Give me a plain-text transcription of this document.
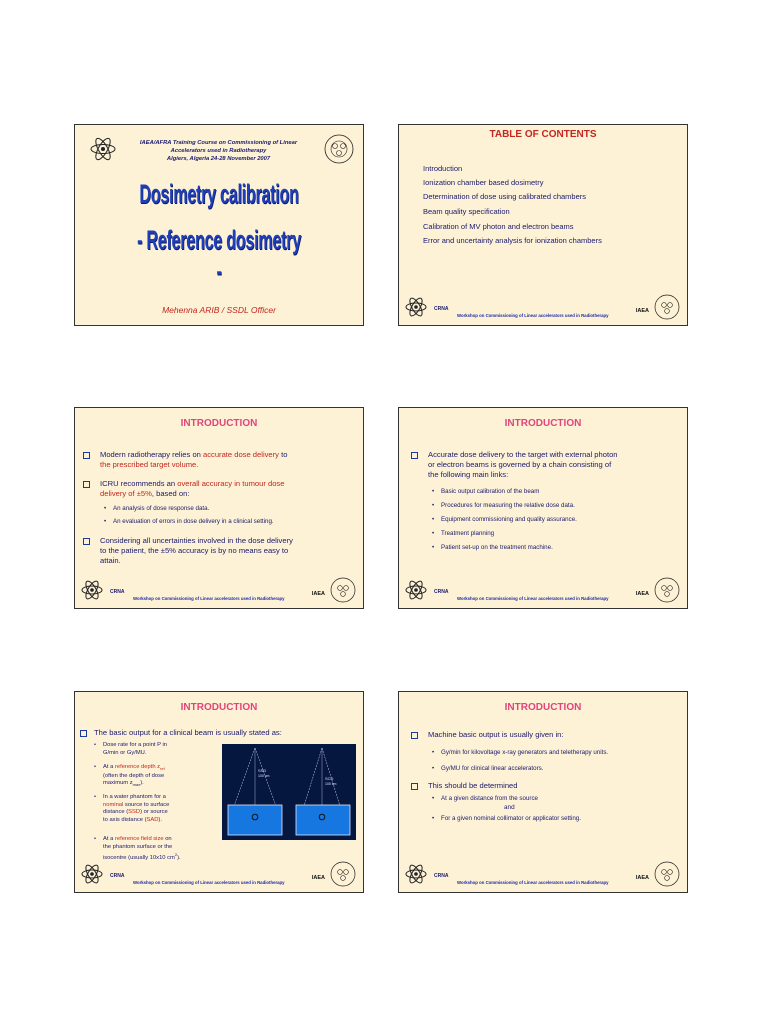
IAEA/AFRA Training Course on Commissioning of Linear
Accelerators used in Radiotherapy
Algiers, Algeria 24-28 November 2007
Dosimetry calibration
- Reference dosimetry -
Mehenna ARIB / SSDL Officer
TABLE OF CONTENTS
Introduction
Ionization chamber based dosimetry
Determination of dose using calibrated chambers
Beam quality specification
Calibration of MV photon and electron beams
Error and uncertainty analysis for ionization chambers
CRNA
Workshop on Commissioning of Linear accelerators used in Radiotherapy
IAEA
INTRODUCTION
Modern radiotherapy relies on accurate dose delivery to
the prescribed target volume.
ICRU recommends an overall accuracy in tumour dose
delivery of ±5%, based on:
• An analysis of dose response data.
• An evaluation of errors in dose delivery in a clinical setting.
Considering all uncertainties involved in the dose delivery
to the patient, the ±5% accuracy is by no means easy to
attain.
CRNA
Workshop on Commissioning of Linear accelerators used in Radiotherapy
IAEA
INTRODUCTION
Accurate dose delivery to the target with external photon
or electron beams is governed by a chain consisting of
the following main links:
• Basic output calibration of the beam
• Procedures for measuring the relative dose data.
• Equipment commissioning and quality assurance.
• Treatment planning
• Patient set-up on the treatment machine.
CRNA
Workshop on Commissioning of Linear accelerators used in Radiotherapy
IAEA
INTRODUCTION
The basic output for a clinical beam is usually stated as:
• Dose rate for a point P in
G/min or Gy/MU.
• At a reference depth $z_{ref}$
(often the depth of dose
maximum $z_{max}$).
• In a water phantom for a
nominal source to surface
distance (SSD) or source
to axis distance (SAD).
• At a reference field size on
the phantom surface or the
isocentre (usually 10x10 $cm^2$).
SSD
100 cm	SCD
100 cm
CRNA
Workshop on Commissioning of Linear accelerators used in Radiotherapy
IAEA
INTRODUCTION
Machine basic output is usually given in:
• Gy/min for kilovoltage x-ray generators and teletherapy units.
• Gy/MU for clinical linear accelerators.
This should be determined
• At a given distance from the source
and
• For a given nominal collimator or applicator setting.
CRNA
Workshop on Commissioning of Linear accelerators used in Radiotherapy
IAEA
